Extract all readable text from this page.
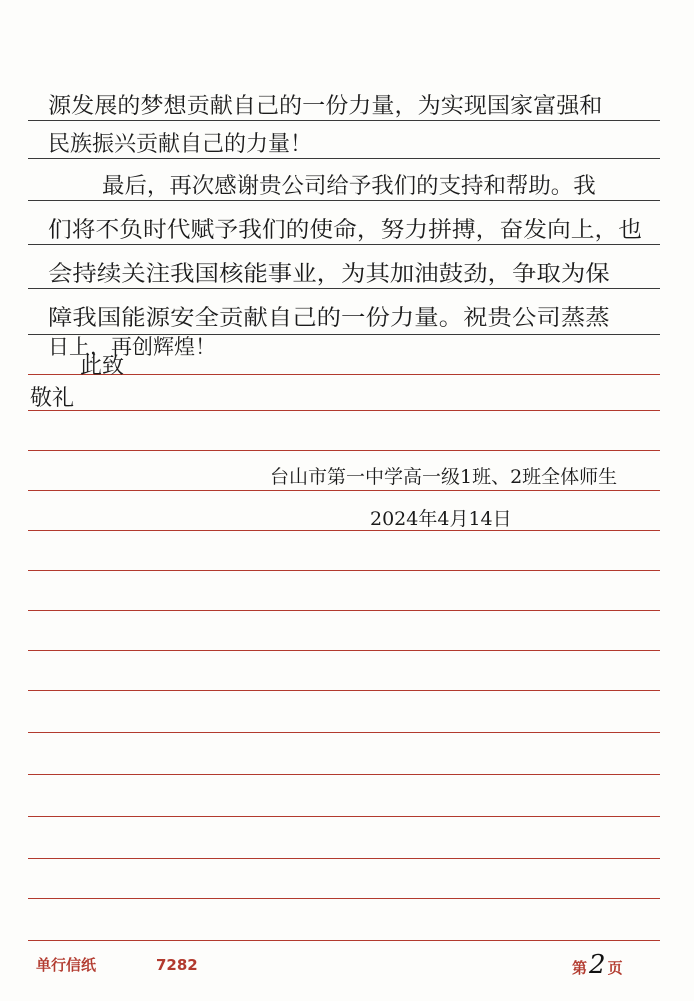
源发展的梦想贡献自己的一份力量，为实现国家富强和
民族振兴贡献自己的力量！
最后，再次感谢贵公司给予我们的支持和帮助。我
们将不负时代赋予我们的使命，努力拼搏，奋发向上，也
会持续关注我国核能事业，为其加油鼓劲，争取为保
障我国能源安全贡献自己的一份力量。祝贵公司蒸蒸
日上，再创辉煌！
此致
敬礼
台山市第一中学高一级1班、2班全体师生
2024年4月14日
单行信纸	7282	第2 页
